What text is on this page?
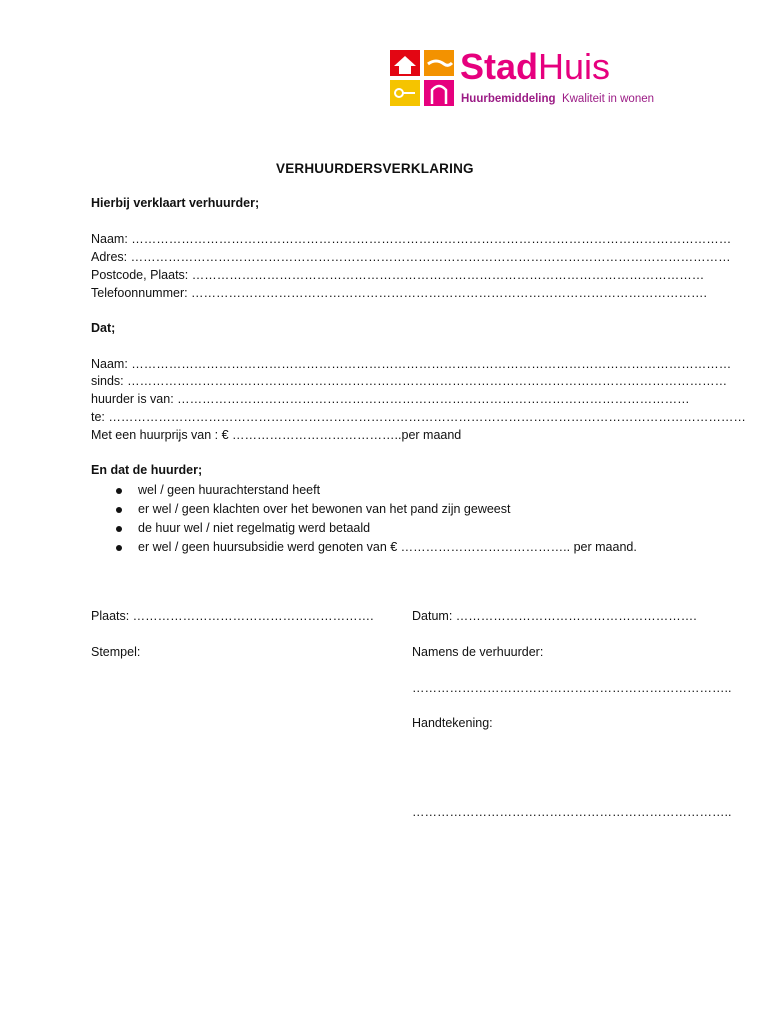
StadHuis
Huurbemiddeling Kwaliteit in wonen
VERHUURDERSVERKLARING
Hierbij verklaart verhuurder;
Naam: ………………………………………………………………………………………………………………………………
Adres: ………………………………………………………………………………………………………………………………
Postcode, Plaats: ……………………………………………………………………………………………………………
Telefoonnummer: …………………………………………………………………………………………………………….
Dat;
Naam: ………………………………………………………………………………………………………………………………
sinds: ………………………………………………………………………………………………………………………………
huurder is van: ……………………………………………………………………………………………………………
te: ………………………………………………………………………………………………………………………………………
Met een huurprijs van : € …………………………………..per maand
En dat de huurder;
wel / geen huurachterstand heeft
er wel / geen klachten over het bewonen van het pand zijn geweest
de huur wel / niet regelmatig werd betaald
er wel / geen huursubsidie werd genoten van € ………………………………….. per maand.
Plaats: ………………………………………………….	Datum: ………………………………………………….
Stempel:	Namens de verhuurder:
…………………………………………………………………..
Handtekening:
…………………………………………………………………..
